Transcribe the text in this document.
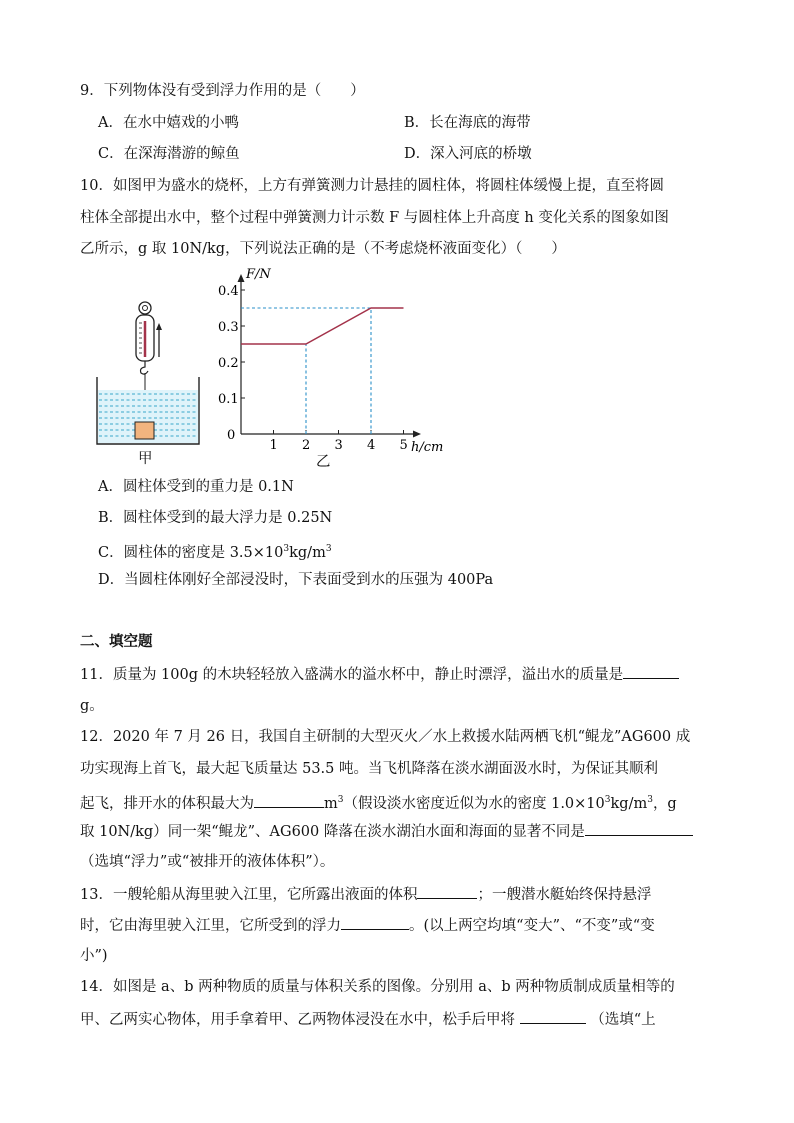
9．下列物体没有受到浮力作用的是（　　）
A．在水中嬉戏的小鸭	B．长在海底的海带
C．在深海潜游的鲸鱼	D．深入河底的桥墩
10．如图甲为盛水的烧杯，上方有弹簧测力计悬挂的圆柱体，将圆柱体缓慢上提，直至将圆
柱体全部提出水中，整个过程中弹簧测力计示数 F 与圆柱体上升高度 h 变化关系的图象如图
乙所示，g 取 10N/kg，下列说法正确的是（不考虑烧杯液面变化）（　　）
甲
F/N
h/cm
0
1 2 3 4 5
0.1
0.2
0.3
0.4
乙
A．圆柱体受到的重力是 0.1N
B．圆柱体受到的最大浮力是 0.25N
C．圆柱体的密度是 $3.5\times 10^3kg/m^3$
D．当圆柱体刚好全部浸没时，下表面受到水的压强为 400Pa
二、填空题
11．质量为 100g 的木块轻轻放入盛满水的溢水杯中，静止时漂浮，溢出水的质量是
g。
12．2020 年 7 月 26 日，我国自主研制的大型灭火／水上救援水陆两栖飞机“鲲龙”AG600 成
功实现海上首飞，最大起飞质量达 53.5 吨。当飞机降落在淡水湖面汲水时，为保证其顺利
起飞，排开水的体积最大为	$m^3$（假设淡水密度近似为水的密度 $1.0\times 10^3kg/m^3$，g
取 10N/kg）同一架“鲲龙”、AG600 降落在淡水湖泊水面和海面的显著不同是
（选填“浮力”或“被排开的液体体积”）。
13．一艘轮船从海里驶入江里，它所露出液面的体积	；一艘潜水艇始终保持悬浮
时，它由海里驶入江里，它所受到的浮力	。(以上两空均填“变大”、“不变”或“变
小”)
14．如图是 a、b 两种物质的质量与体积关系的图像。分别用 a、b 两种物质制成质量相等的
甲、乙两实心物体，用手拿着甲、乙两物体浸没在水中，松手后甲将	（选填“上
